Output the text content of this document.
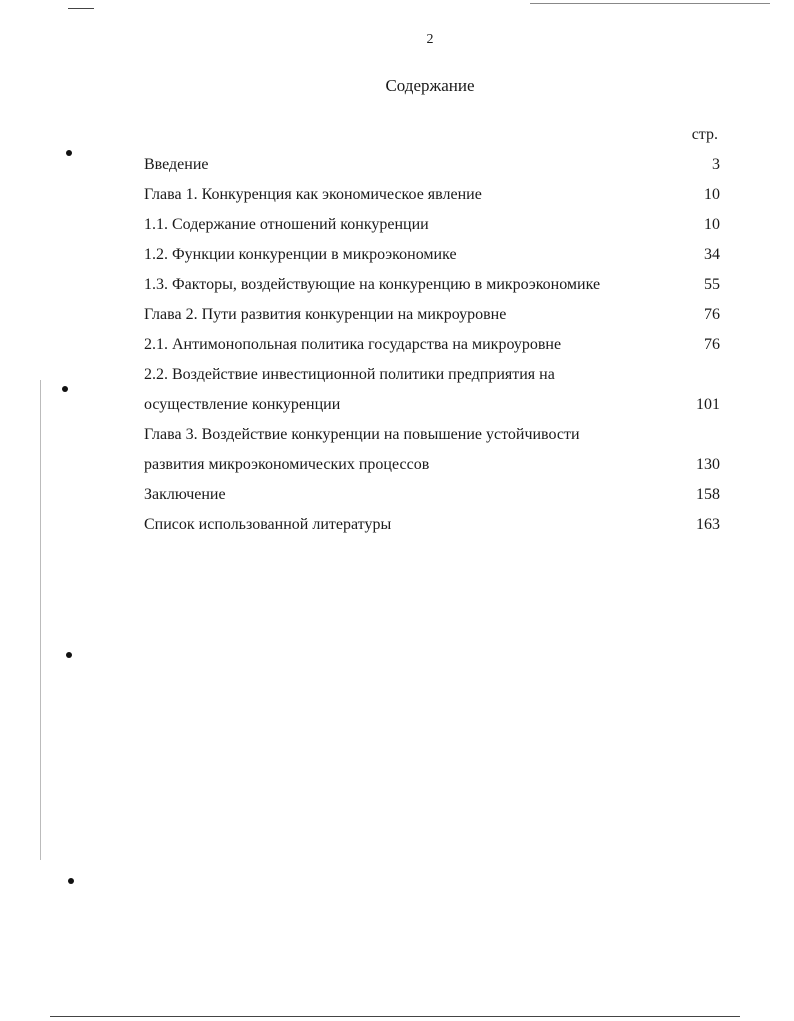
2
Содержание
стр.
Введение	3
Глава 1. Конкуренция как экономическое явление	10
1.1. Содержание отношений конкуренции	10
1.2. Функции конкуренции в микроэкономике	34
1.3. Факторы, воздействующие на конкуренцию в микроэкономике	55
Глава 2. Пути развития конкуренции на микроуровне	76
2.1. Антимонопольная политика государства на микроуровне	76
2.2. Воздействие инвестиционной политики предприятия на
осуществление конкуренции	101
Глава 3. Воздействие конкуренции на повышение устойчивости
развития микроэкономических процессов	130
Заключение	158
Список использованной литературы	163
